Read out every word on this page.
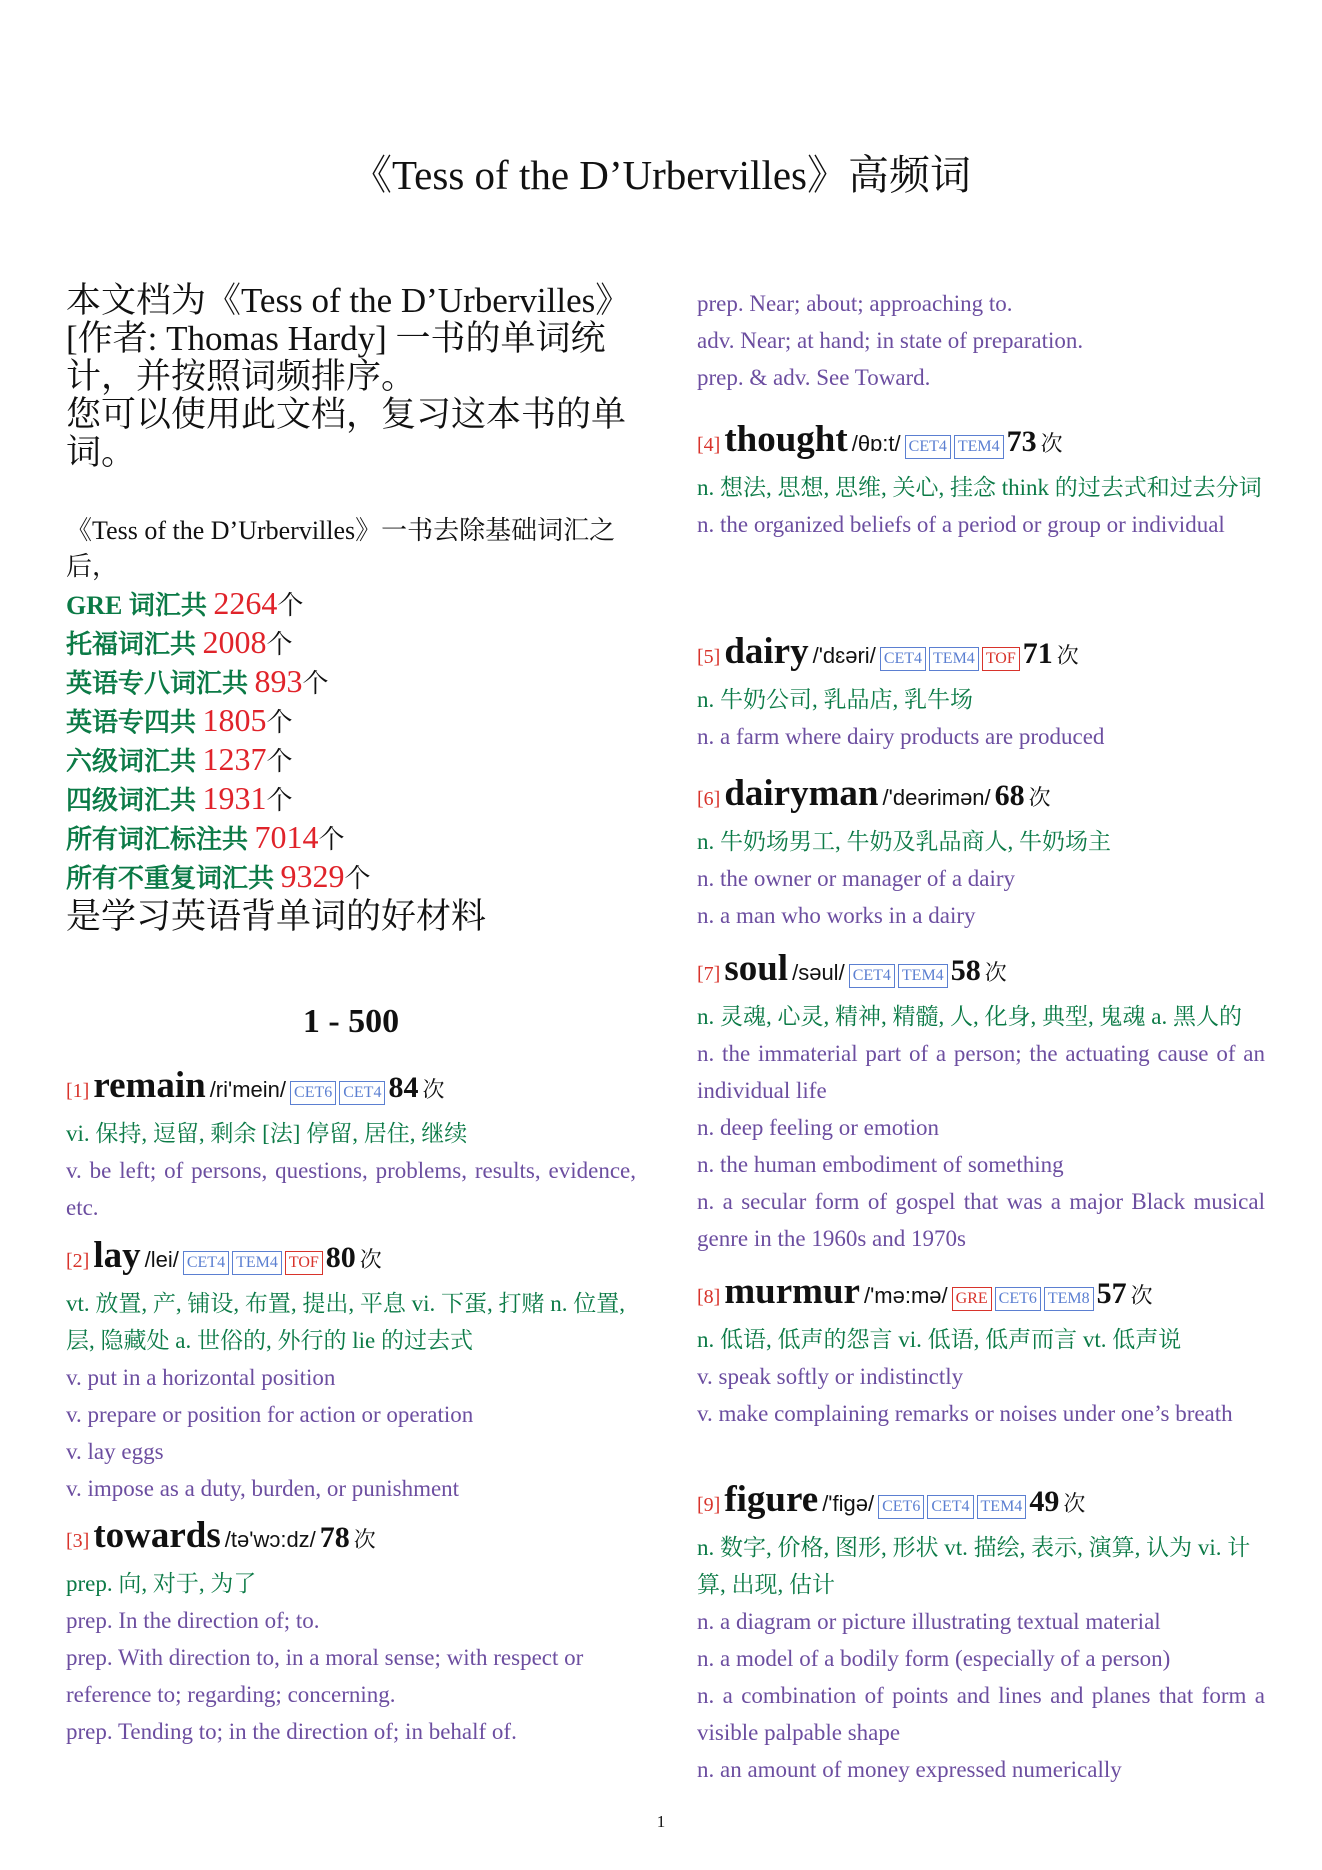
《Tess of the D’Urbervilles》高频词

本文档为《Tess of the D’Urbervilles》[作者: Thomas Hardy] 一书的单词统计，并按照词频排序。

您可以使用此文档，复习这本书的单词。

《Tess of the D’Urbervilles》一书去除基础词汇之后，

GRE 词汇共 2264个
托福词汇共 2008个
英语专八词汇共 893个
英语专四共 1805个
六级词汇共 1237个
四级词汇共 1931个
所有词汇标注共 7014个
所有不重复词汇共 9329个

是学习英语背单词的好材料

1 - 500
[1] remain /ri'mein/ CET6 CET4 84 次

vi. 保持, 逗留, 剩余 [法] 停留, 居住, 继续

v. be left; of persons, questions, problems, results, evidence, etc.

[2] lay /lei/ CET4 TEM4 TOF 80 次

vt. 放置, 产, 铺设, 布置, 提出, 平息 vi. 下蛋, 打赌 n. 位置, 层, 隐藏处 a. 世俗的, 外行的 lie 的过去式

v. put in a horizontal position

v. prepare or position for action or operation

v. lay eggs

v. impose as a duty, burden, or punishment

[3] towards /tə'wɔ:dz/ 78 次

prep. 向, 对于, 为了

prep. In the direction of; to.

prep. With direction to, in a moral sense; with respect or

reference to; regarding; concerning.

prep. Tending to; in the direction of; in behalf of.

prep. Near; about; approaching to.

adv. Near; at hand; in state of preparation.

prep. & adv. See Toward.

[4] thought /θɒ:t/ CET4 TEM4 73 次

n. 想法, 思想, 思维, 关心, 挂念 think 的过去式和过去分词

n. the organized beliefs of a period or group or individual

[5] dairy /'dɛəri/ CET4 TEM4 TOF 71 次

n. 牛奶公司, 乳品店, 乳牛场

n. a farm where dairy products are produced

[6] dairyman /'deərimən/ 68 次

n. 牛奶场男工, 牛奶及乳品商人, 牛奶场主

n. the owner or manager of a dairy

n. a man who works in a dairy

[7] soul /səul/ CET4 TEM4 58 次

n. 灵魂, 心灵, 精神, 精髓, 人, 化身, 典型, 鬼魂 a. 黑人的

n. the immaterial part of a person; the actuating cause of an individual life

n. deep feeling or emotion

n. the human embodiment of something

n. a secular form of gospel that was a major Black musical genre in the 1960s and 1970s

[8] murmur /'mə:mə/ GRE CET6 TEM8 57 次

n. 低语, 低声的怨言 vi. 低语, 低声而言 vt. 低声说

v. speak softly or indistinctly

v. make complaining remarks or noises under one’s breath

[9] figure /'figə/ CET6 CET4 TEM4 49 次

n. 数字, 价格, 图形, 形状 vt. 描绘, 表示, 演算, 认为 vi. 计算, 出现, 估计

n. a diagram or picture illustrating textual material

n. a model of a bodily form (especially of a person)

n. a combination of points and lines and planes that form a visible palpable shape

n. an amount of money expressed numerically

1
